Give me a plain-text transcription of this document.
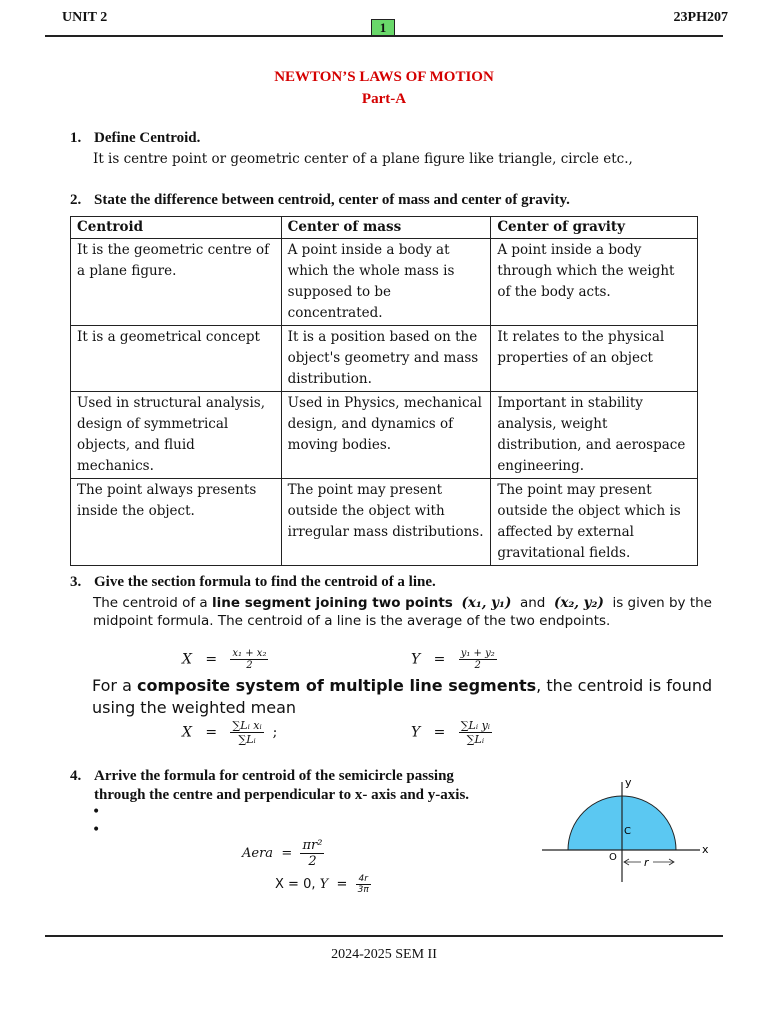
UNIT 2	23PH207
1
NEWTON’S LAWS OF MOTION
Part-A
1. Define Centroid.
It is centre point or geometric center of a plane figure like triangle, circle etc.,
2. State the difference between centroid, center of mass and center of gravity.
Centroid	Center of mass	Center of gravity
It is the geometric centre of a plane figure.	A point inside a body at which the whole mass is supposed to be concentrated.	A point inside a body through which the weight of the body acts.
It is a geometrical concept	It is a position based on the object's geometry and mass distribution.	It relates to the physical properties of an object
Used in structural analysis, design of symmetrical objects, and fluid mechanics.	Used in Physics, mechanical design, and dynamics of moving bodies.	Important in stability analysis, weight distribution, and aerospace engineering.
The point always presents inside the object.	The point may present outside the object with irregular mass distributions.	The point may present outside the object which is affected by external gravitational fields.
3. Give the section formula to find the centroid of a line.
The centroid of a line segment joining two points (x₁, y₁) and (x₂, y₂) is given by the
midpoint formula. The centroid of a line is the average of the two endpoints.
$X = \frac{\text{x₁ + x₂}}{2}$	$Y = \frac{\text{y₁ + y₂}}{2}$
For a composite system of multiple line segments, the centroid is found
using the weighted mean
$X = \frac{\text{∑Lᵢ xᵢ}}{\text{∑Lᵢ}}$ ;	$Y = \frac{\text{∑Lᵢ yᵢ}}{\text{∑Lᵢ}}$
4. Arrive the formula for centroid of the semicircle passing
through the centre and perpendicular to x- axis and y-axis.
•
•
Aera = $\frac{\text{πr²}}{2}$
X = 0, $Y = \frac{4r}{3\pi}$
y
x
C
O r
2024-2025 SEM II
